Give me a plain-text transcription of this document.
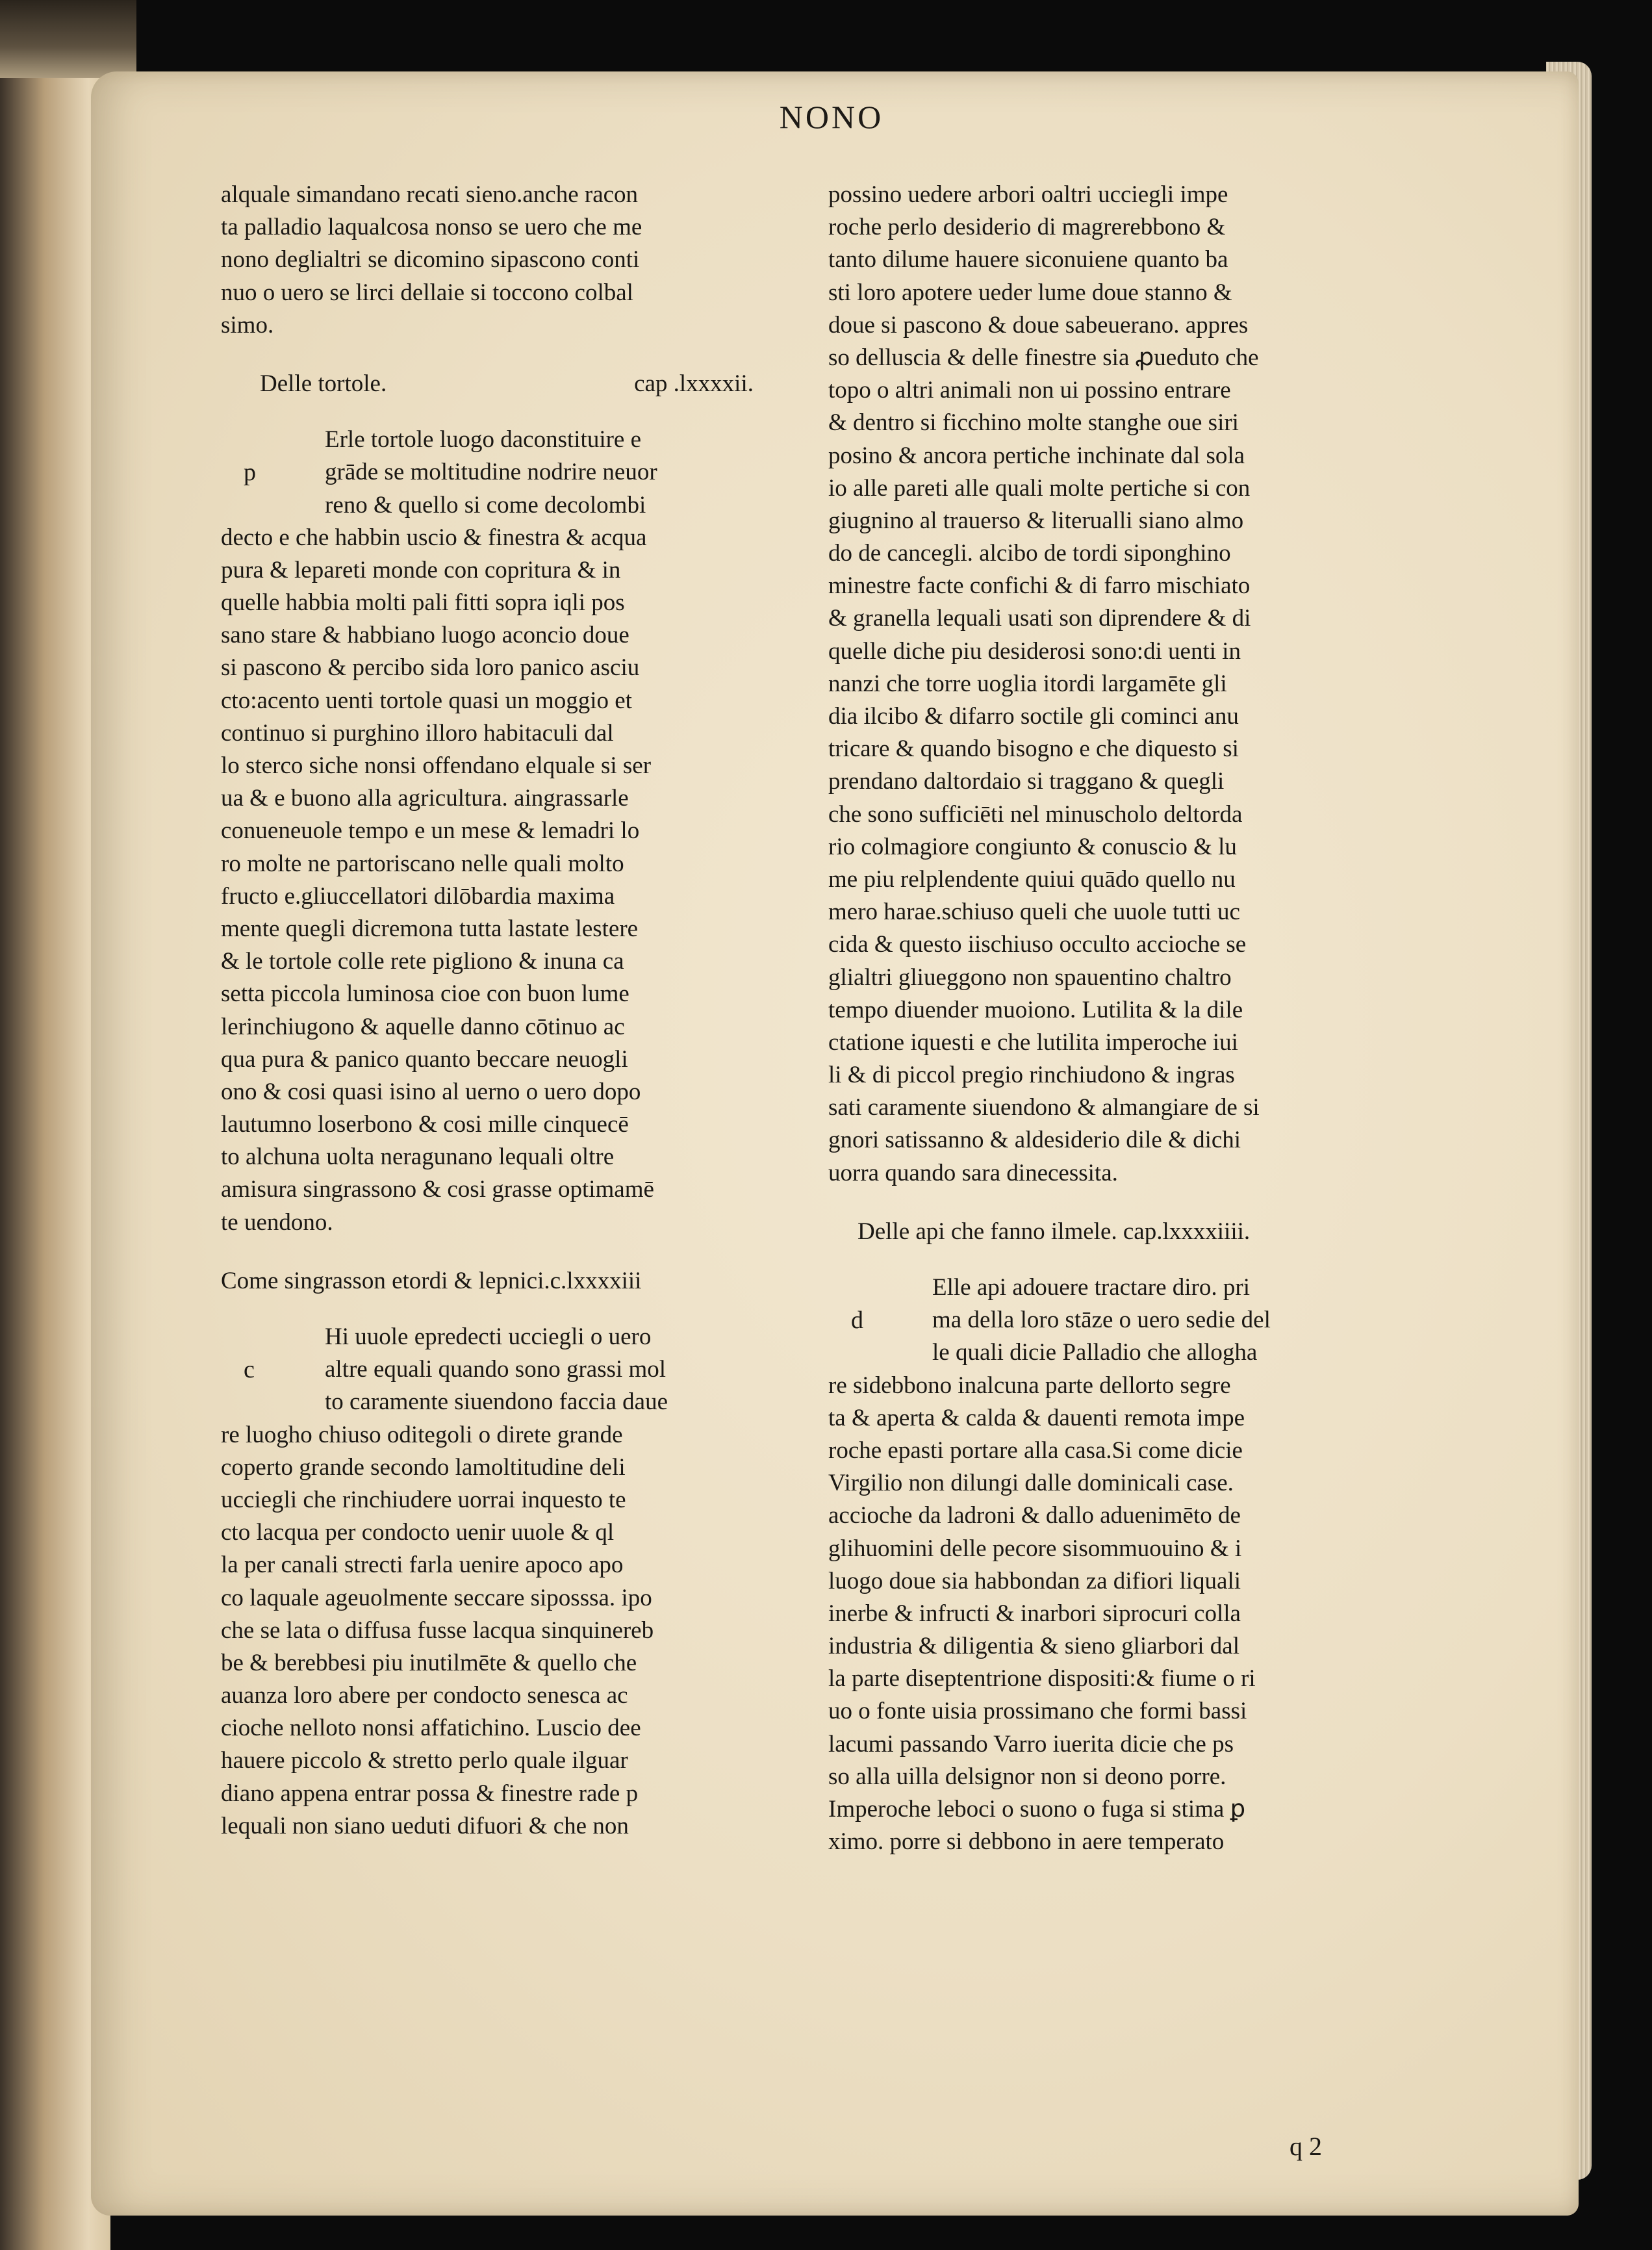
NONO
alquale simandano recati sieno.anche racon
ta palladio laqualcosa nonso se uero che me
nono deglialtri se dicomino sipascono conti
nuo o uero se lirci dellaie si toccono colbal
simo.
Delle tortole.	cap .lxxxxii.
p
Erle tortole luogo daconstituire e
grāde se moltitudine nodrire neuor
reno & quello si come decolombi
decto e che habbin uscio & finestra & acqua
pura & lepareti monde con copritura & in
quelle habbia molti pali fitti sopra iqli pos
sano stare & habbiano luogo aconcio doue
si pascono & percibo sida loro panico asciu
cto:acento uenti tortole quasi un moggio et
continuo si purghino illoro habitaculi dal
lo sterco siche nonsi offendano elquale si ser
ua & e buono alla agricultura. aingrassarle
conueneuole tempo e un mese & lemadri lo
ro molte ne partoriscano nelle quali molto
fructo e.gliuccellatori dilōbardia maxima
mente quegli dicremona tutta lastate lestere
& le tortole colle rete pigliono & inuna ca
setta piccola luminosa cioe con buon lume
lerinchiugono & aquelle danno cōtinuo ac
qua pura & panico quanto beccare neuogli
ono & cosi quasi isino al uerno o uero dopo
lautumno loserbono & cosi mille cinquecē
to alchuna uolta neragunano lequali oltre
amisura singrassono & cosi grasse optimamē
te uendono.
Come singrasson etordi & lepnici.c.lxxxxiii
c
Hi uuole epredecti ucciegli o uero
altre equali quando sono grassi mol
to caramente siuendono faccia daue
re luogho chiuso oditegoli o direte grande
coperto grande secondo lamoltitudine deli
ucciegli che rinchiudere uorrai inquesto te
cto lacqua per condocto uenir uuole & ql
la per canali strecti farla uenire apoco apo
co laquale ageuolmente seccare siposssa. ipo
che se lata o diffusa fusse lacqua sinquinereb
be & berebbesi piu inutilmēte & quello che
auanza loro abere per condocto senesca ac
cioche nelloto nonsi affatichino. Luscio dee
hauere piccolo & stretto perlo quale ilguar
diano appena entrar possa & finestre rade p
lequali non siano ueduti difuori & che non
possino uedere arbori oaltri ucciegli impe
roche perlo desiderio di magrerebbono &
tanto dilume hauere siconuiene quanto ba
sti loro apotere ueder lume doue stanno &
doue si pascono & doue sabeuerano. appres
so delluscia & delle finestre sia ꝓueduto che
topo o altri animali non ui possino entrare
& dentro si ficchino molte stanghe oue siri
posino & ancora pertiche inchinate dal sola
io alle pareti alle quali molte pertiche si con
giugnino al trauerso & literualli siano almo
do de cancegli. alcibo de tordi siponghino
minestre facte confichi & di farro mischiato
& granella lequali usati son diprendere & di
quelle diche piu desiderosi sono:di uenti in
nanzi che torre uoglia itordi largamēte gli
dia ilcibo & difarro soctile gli cominci anu
tricare & quando bisogno e che diquesto si
prendano daltordaio si traggano & quegli
che sono sufficiēti nel minuscholo deltorda
rio colmagiore congiunto & conuscio & lu
me piu relplendente quiui quādo quello nu
mero harae.schiuso queli che uuole tutti uc
cida & questo iischiuso occulto accioche se
glialtri gliueggono non spauentino chaltro
tempo diuender muoiono. Lutilita & la dile
ctatione iquesti e che lutilita imperoche iui
li & di piccol pregio rinchiudono & ingras
sati caramente siuendono & almangiare de si
gnori satissanno & aldesiderio dile & dichi
uorra quando sara dinecessita.
Delle api che fanno ilmele. cap.lxxxxiiii.
d
Elle api adouere tractare diro. pri
ma della loro stāze o uero sedie del
le quali dicie Palladio che allogha
re sidebbono inalcuna parte dellorto segre
ta & aperta & calda & dauenti remota impe
roche epasti portare alla casa.Si come dicie
Virgilio non dilungi dalle dominicali case.
accioche da ladroni & dallo aduenimēto de
glihuomini delle pecore sisommuouino & i
luogo doue sia habbondan za difiori liquali
inerbe & infructi & inarbori siprocuri colla
industria & diligentia & sieno gliarbori dal
la parte diseptentrione dispositi:& fiume o ri
uo o fonte uisia prossimano che formi bassi
lacumi passando Varro iuerita dicie che ps
so alla uilla delsignor non si deono porre.
Imperoche leboci o suono o fuga si stima ꝑ
ximo. porre si debbono in aere temperato
q 2
